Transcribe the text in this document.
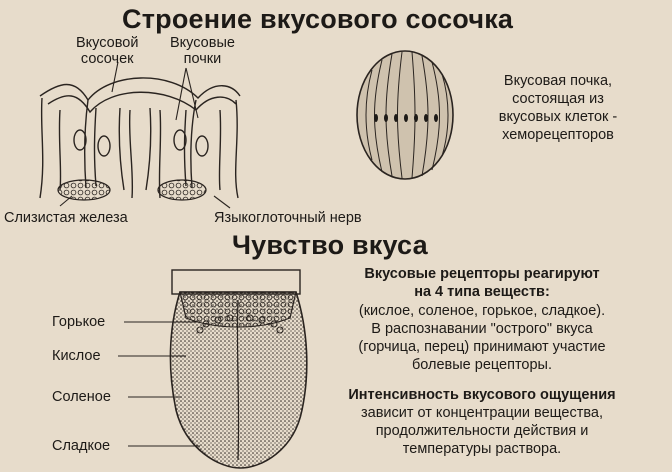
Строение вкусового сосочка
Чувство вкуса
Вкусовой
сосочек
Вкусовые
почки
Вкусовая почка,
состоящая из
вкусовых клеток -
хеморецепторов
Слизистая железа	Языкоглоточный нерв
Горькое
Кислое
Соленое
Сладкое
Вкусовые рецепторы реагируют
на 4 типа веществ:
(кислое, соленое, горькое, сладкое).
В распознавании "острого" вкуса
(горчица, перец) принимают участие
болевые рецепторы.
Интенсивность вкусового ощущения
зависит от концентрации вещества,
продолжительности действия и
температуры раствора.
